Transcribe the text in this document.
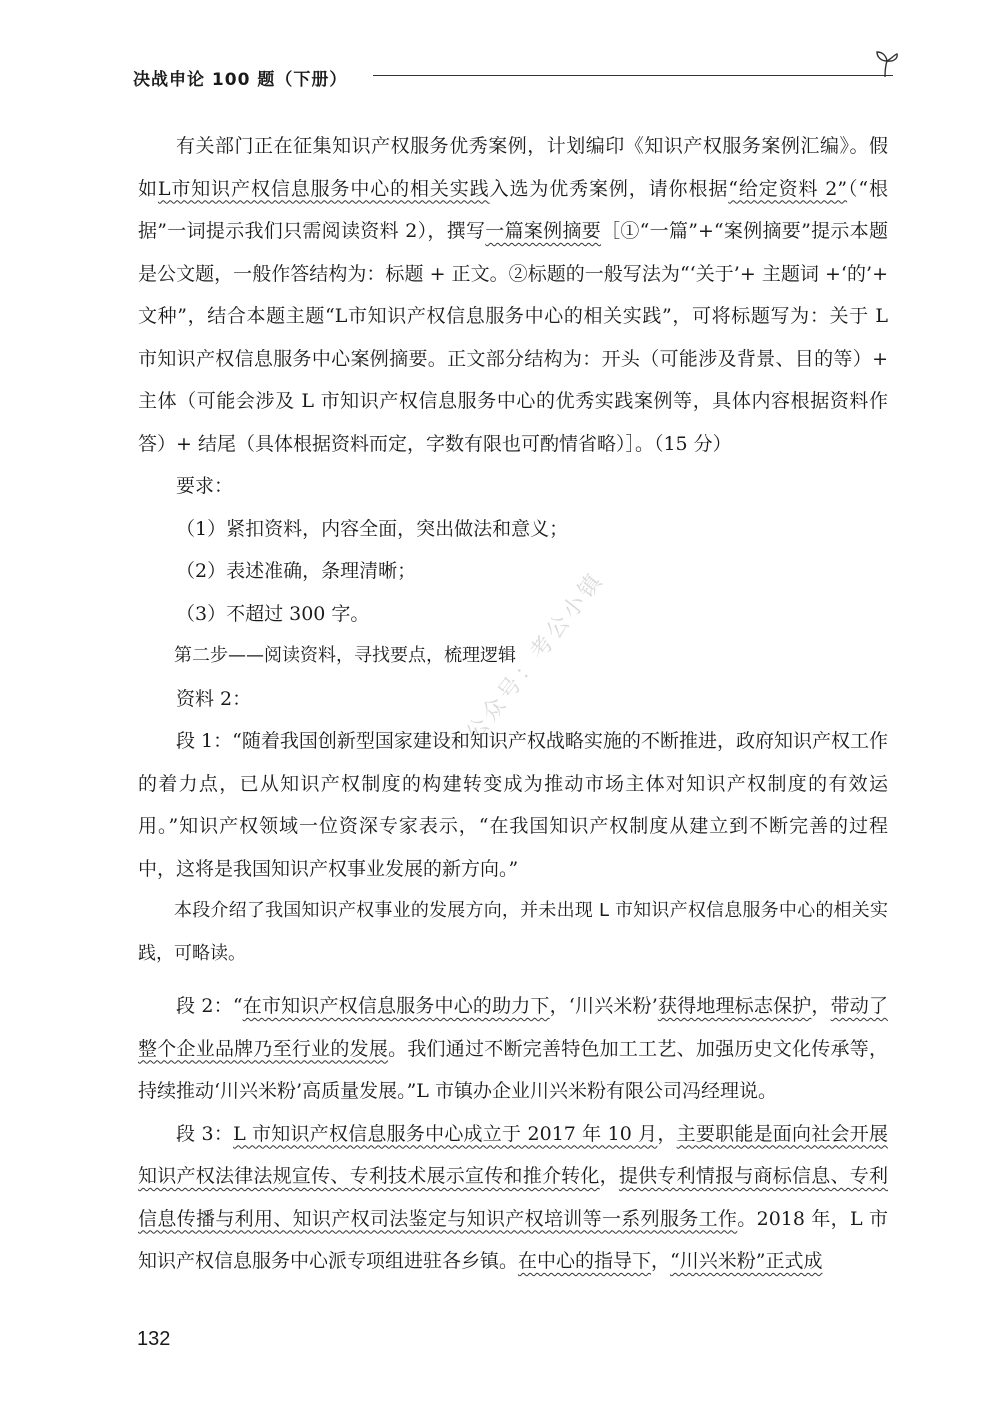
决战申论 100 题（下册）
公众号：考公小镇

有关部门正在征集知识产权服务优秀案例，计划编印《知识产权服务案例汇编》。假如L市知识产权信息服务中心的相关实践入选为优秀案例，请你根据“给定资料 2”（“根据”一词提示我们只需阅读资料 2），撰写一篇案例摘要［①“一篇”+“案例摘要”提示本题是公文题，一般作答结构为：标题 + 正文。②标题的一般写法为“‘关于’+ 主题词 +‘的’+ 文种”，结合本题主题“L市知识产权信息服务中心的相关实践”，可将标题写为：关于 L 市知识产权信息服务中心案例摘要。正文部分结构为：开头（可能涉及背景、目的等）+ 主体（可能会涉及 L 市知识产权信息服务中心的优秀实践案例等，具体内容根据资料作答）+ 结尾（具体根据资料而定，字数有限也可酌情省略）］。（15 分）

要求：

（1）紧扣资料，内容全面，突出做法和意义；

（2）表述准确，条理清晰；

（3）不超过 300 字。

第二步——阅读资料，寻找要点，梳理逻辑

资料 2：

段 1：“随着我国创新型国家建设和知识产权战略实施的不断推进，政府知识产权工作的着力点，已从知识产权制度的构建转变成为推动市场主体对知识产权制度的有效运用。”知识产权领域一位资深专家表示，“在我国知识产权制度从建立到不断完善的过程中，这将是我国知识产权事业发展的新方向。”

本段介绍了我国知识产权事业的发展方向，并未出现 L 市知识产权信息服务中心的相关实践，可略读。

段 2：“在市知识产权信息服务中心的助力下，‘川兴米粉’获得地理标志保护，带动了整个企业品牌乃至行业的发展。我们通过不断完善特色加工工艺、加强历史文化传承等，持续推动‘川兴米粉’高质量发展。”L 市镇办企业川兴米粉有限公司冯经理说。

段 3：L 市知识产权信息服务中心成立于 2017 年 10 月，主要职能是面向社会开展知识产权法律法规宣传、专利技术展示宣传和推介转化，提供专利情报与商标信息、专利信息传播与利用、知识产权司法鉴定与知识产权培训等一系列服务工作。2018 年，L 市知识产权信息服务中心派专项组进驻各乡镇。在中心的指导下，“川兴米粉”正式成

132
